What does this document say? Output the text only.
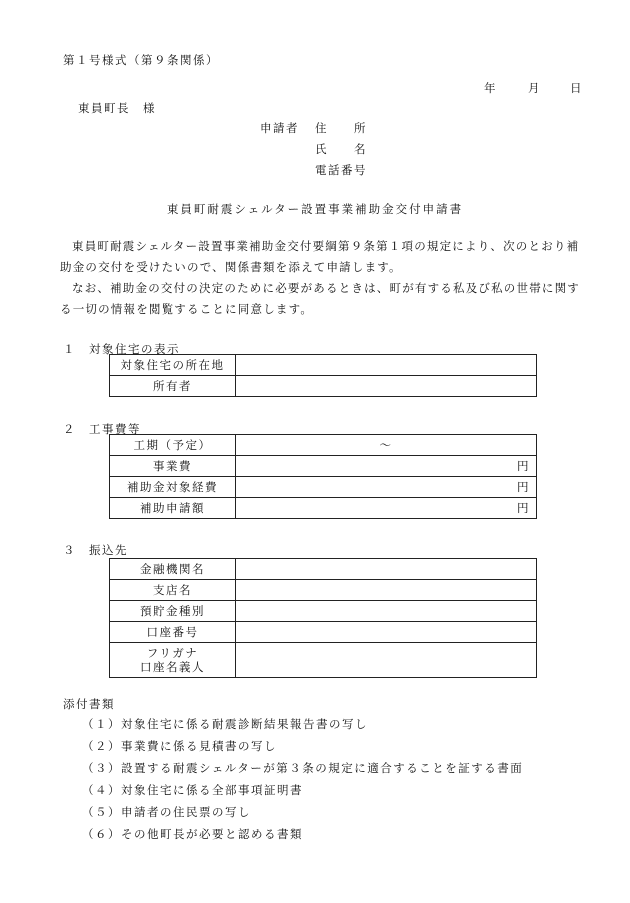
第１号様式（第９条関係）
年	月	日
東員町長　様
申請者 住　　所
氏　　名
電話番号
東員町耐震シェルター設置事業補助金交付申請書

東員町耐震シェルター設置事業補助金交付要綱第９条第１項の規定により、次のとおり補助金の交付を受けたいので、関係書類を添えて申請します。

なお、補助金の交付の決定のために必要があるときは、町が有する私及び私の世帯に関する一切の情報を閲覧することに同意します。

１　対象住宅の表示
対象住宅の所在地	
所有者	
２　工事費等
工期（予定）	～
事業費	円
補助金対象経費	円
補助申請額	円
３　振込先
金融機関名	
支店名	
預貯金種別	
口座番号	

フリガナ
口座名義人	

添付書類
（１）対象住宅に係る耐震診断結果報告書の写し
（２）事業費に係る見積書の写し
（３）設置する耐震シェルターが第３条の規定に適合することを証する書面
（４）対象住宅に係る全部事項証明書
（５）申請者の住民票の写し
（６）その他町長が必要と認める書類
